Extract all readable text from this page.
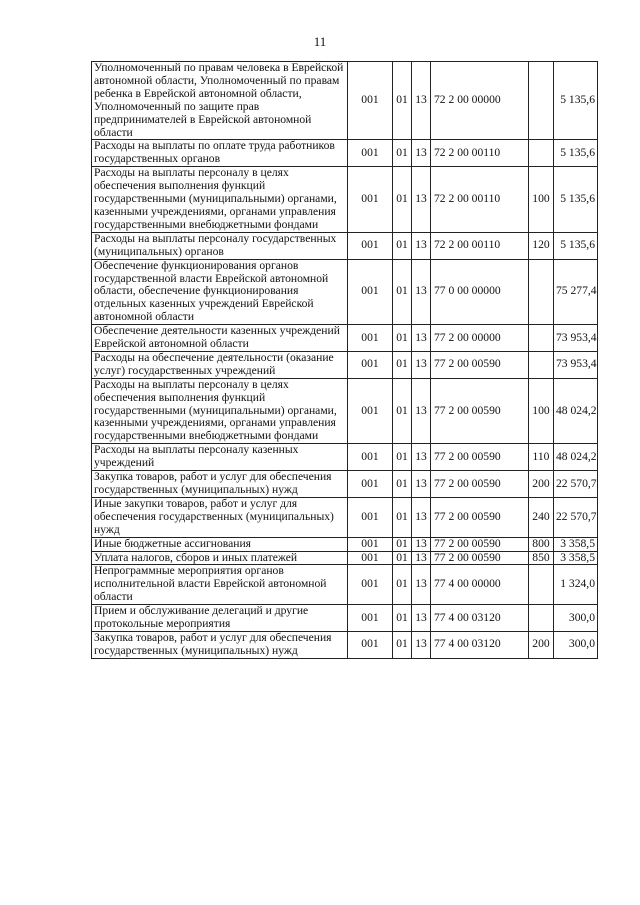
11
Уполномоченный по правам человека в Еврейской автономной области, Уполномоченный по правам ребенка в Еврейской автономной области, Уполномоченный по защите прав предпринимателей в Еврейской автономной области	001	01	13	72 2 00 00000		5 135,6
Расходы на выплаты по оплате труда работников государственных органов	001	01	13	72 2 00 00110		5 135,6
Расходы на выплаты персоналу в целях обеспечения выполнения функций государственными (муниципальными) органами, казенными учреждениями, органами управления государственными внебюджетными фондами	001	01	13	72 2 00 00110	100	5 135,6
Расходы на выплаты персоналу государственных (муниципальных) органов	001	01	13	72 2 00 00110	120	5 135,6
Обеспечение функционирования органов государственной власти Еврейской автономной области, обеспечение функционирования отдельных казенных учреждений Еврейской автономной области	001	01	13	77 0 00 00000		75 277,4
Обеспечение деятельности казенных учреждений Еврейской автономной области	001	01	13	77 2 00 00000		73 953,4
Расходы на обеспечение деятельности (оказание услуг) государственных учреждений	001	01	13	77 2 00 00590		73 953,4
Расходы на выплаты персоналу в целях обеспечения выполнения функций государственными (муниципальными) органами, казенными учреждениями, органами управления государственными внебюджетными фондами	001	01	13	77 2 00 00590	100	48 024,2
Расходы на выплаты персоналу казенных учреждений	001	01	13	77 2 00 00590	110	48 024,2
Закупка товаров, работ и услуг для обеспечения государственных (муниципальных) нужд	001	01	13	77 2 00 00590	200	22 570,7
Иные закупки товаров, работ и услуг для обеспечения государственных (муниципальных) нужд	001	01	13	77 2 00 00590	240	22 570,7
Иные бюджетные ассигнования	001	01	13	77 2 00 00590	800	3 358,5
Уплата налогов, сборов и иных платежей	001	01	13	77 2 00 00590	850	3 358,5
Непрограммные мероприятия органов исполнительной власти Еврейской автономной области	001	01	13	77 4 00 00000		1 324,0
Прием и обслуживание делегаций и другие протокольные мероприятия	001	01	13	77 4 00 03120		300,0
Закупка товаров, работ и услуг для обеспечения государственных (муниципальных) нужд	001	01	13	77 4 00 03120	200	300,0
